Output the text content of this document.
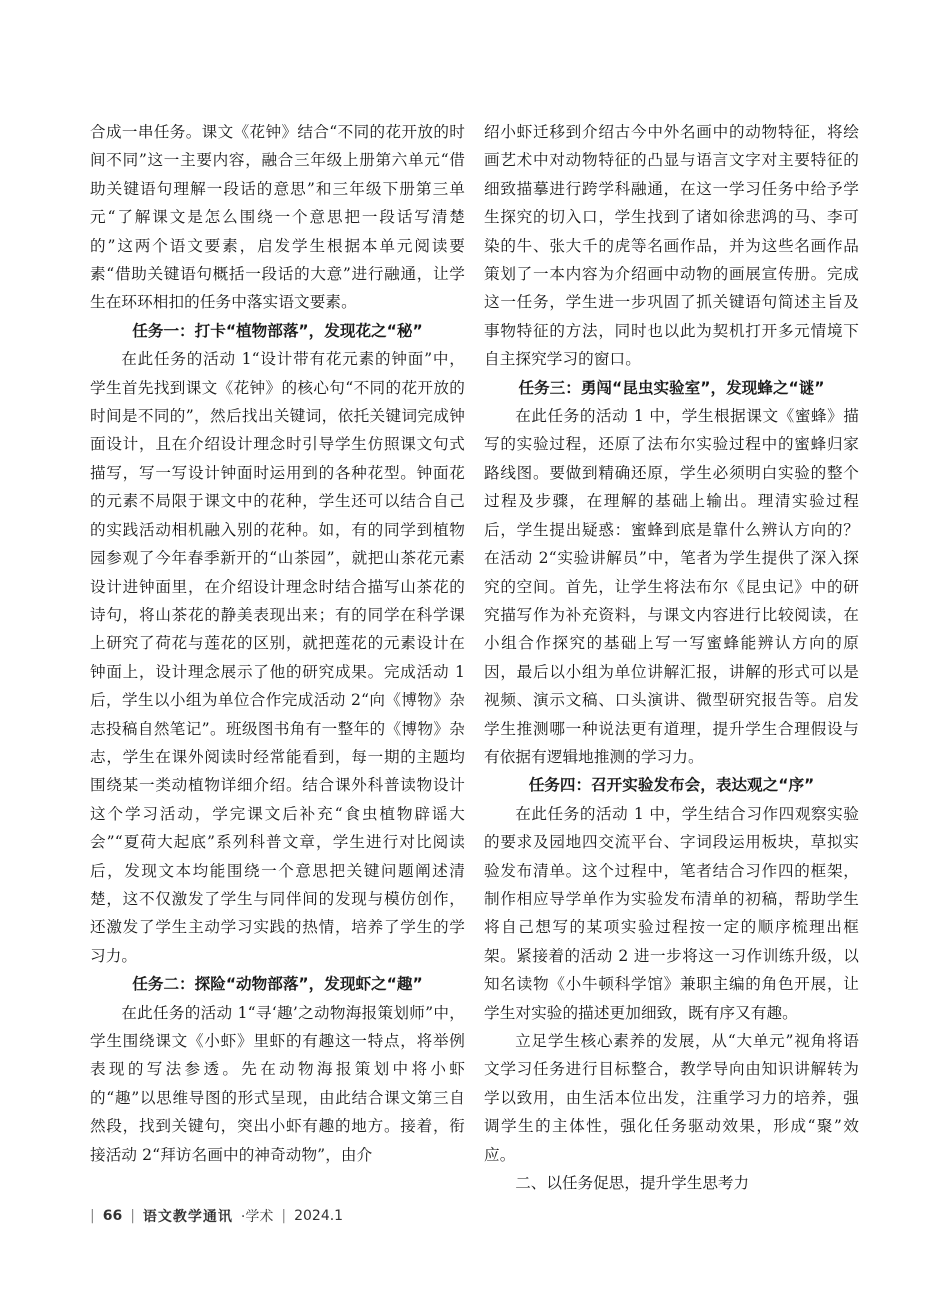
合成一串任务。课文《花钟》结合“不同的花开放的时间不同”这一主要内容，融合三年级上册第六单元“借助关键语句理解一段话的意思”和三年级下册第三单元“了解课文是怎么围绕一个意思把一段话写清楚的”这两个语文要素，启发学生根据本单元阅读要素“借助关键语句概括一段话的大意”进行融通，让学生在环环相扣的任务中落实语文要素。

任务一：打卡“植物部落”，发现花之“秘”

在此任务的活动 1“设计带有花元素的钟面”中，学生首先找到课文《花钟》的核心句“不同的花开放的时间是不同的”，然后找出关键词，依托关键词完成钟面设计，且在介绍设计理念时引导学生仿照课文句式描写，写一写设计钟面时运用到的各种花型。钟面花的元素不局限于课文中的花种，学生还可以结合自己的实践活动相机融入别的花种。如，有的同学到植物园参观了今年春季新开的“山茶园”，就把山茶花元素设计进钟面里，在介绍设计理念时结合描写山茶花的诗句，将山茶花的静美表现出来；有的同学在科学课上研究了荷花与莲花的区别，就把莲花的元素设计在钟面上，设计理念展示了他的研究成果。完成活动 1 后，学生以小组为单位合作完成活动 2“向《博物》杂志投稿自然笔记”。班级图书角有一整年的《博物》杂志，学生在课外阅读时经常能看到，每一期的主题均围绕某一类动植物详细介绍。结合课外科普读物设计这个学习活动，学完课文后补充“食虫植物辟谣大会”“夏荷大起底”系列科普文章，学生进行对比阅读后，发现文本均能围绕一个意思把关键问题阐述清楚，这不仅激发了学生与同伴间的发现与模仿创作，还激发了学生主动学习实践的热情，培养了学生的学习力。

任务二：探险“动物部落”，发现虾之“趣”

在此任务的活动 1“寻‘趣’之动物海报策划师”中，学生围绕课文《小虾》里虾的有趣这一特点，将举例表现的写法参透。先在动物海报策划中将小虾的“趣”以思维导图的形式呈现，由此结合课文第三自然段，找到关键句，突出小虾有趣的地方。接着，衔接活动 2“拜访名画中的神奇动物”，由介

绍小虾迁移到介绍古今中外名画中的动物特征，将绘画艺术中对动物特征的凸显与语言文字对主要特征的细致描摹进行跨学科融通，在这一学习任务中给予学生探究的切入口，学生找到了诸如徐悲鸿的马、李可染的牛、张大千的虎等名画作品，并为这些名画作品策划了一本内容为介绍画中动物的画展宣传册。完成这一任务，学生进一步巩固了抓关键语句简述主旨及事物特征的方法，同时也以此为契机打开多元情境下自主探究学习的窗口。

任务三：勇闯“昆虫实验室”，发现蜂之“谜”

在此任务的活动 1 中，学生根据课文《蜜蜂》描写的实验过程，还原了法布尔实验过程中的蜜蜂归家路线图。要做到精确还原，学生必须明白实验的整个过程及步骤，在理解的基础上输出。理清实验过程后，学生提出疑惑：蜜蜂到底是靠什么辨认方向的？在活动 2“实验讲解员”中，笔者为学生提供了深入探究的空间。首先，让学生将法布尔《昆虫记》中的研究描写作为补充资料，与课文内容进行比较阅读，在小组合作探究的基础上写一写蜜蜂能辨认方向的原因，最后以小组为单位讲解汇报，讲解的形式可以是视频、演示文稿、口头演讲、微型研究报告等。启发学生推测哪一种说法更有道理，提升学生合理假设与有依据有逻辑地推测的学习力。

任务四：召开实验发布会，表达观之“序”

在此任务的活动 1 中，学生结合习作四观察实验的要求及园地四交流平台、字词段运用板块，草拟实验发布清单。这个过程中，笔者结合习作四的框架，制作相应导学单作为实验发布清单的初稿，帮助学生将自己想写的某项实验过程按一定的顺序梳理出框架。紧接着的活动 2 进一步将这一习作训练升级，以知名读物《小牛顿科学馆》兼职主编的角色开展，让学生对实验的描述更加细致，既有序又有趣。

立足学生核心素养的发展，从“大单元”视角将语文学习任务进行目标整合，教学导向由知识讲解转为学以致用，由生活本位出发，注重学习力的培养，强调学生的主体性，强化任务驱动效果，形成“聚”效应。

二、以任务促思，提升学生思考力
| 66 | 语文教学通讯 ·学术 | 2024.1
